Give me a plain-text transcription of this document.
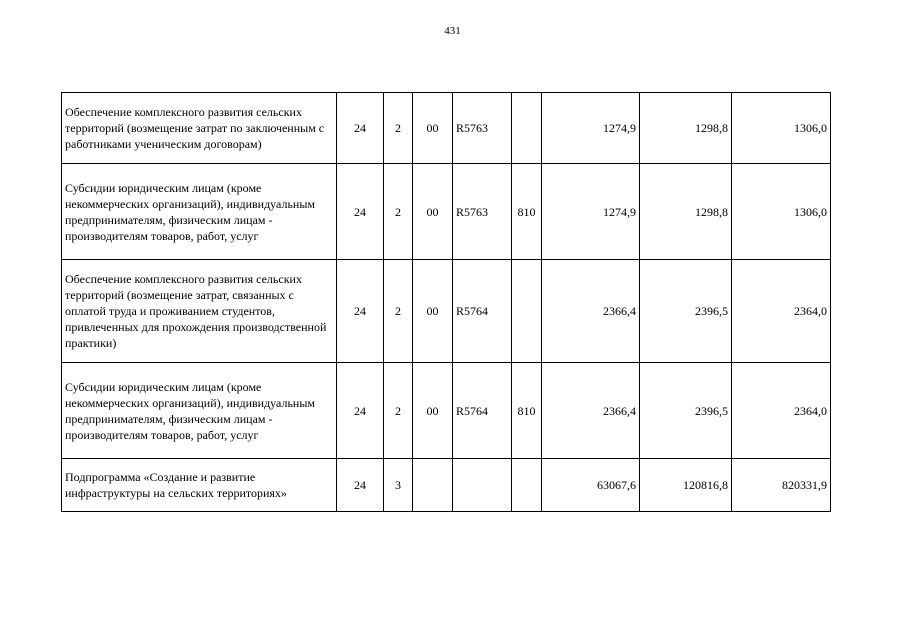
431
Обеспечение комплексного развития сельских территорий (возмещение затрат по заключенным с работниками ученическим договорам)	24	2	00	R5763		1274,9	1298,8	1306,0
Субсидии юридическим лицам (кроме некоммерческих организаций), индивидуальным предпринимателям, физическим лицам - производителям товаров, работ, услуг	24	2	00	R5763	810	1274,9	1298,8	1306,0
Обеспечение комплексного развития сельских территорий (возмещение затрат, связанных с оплатой труда и проживанием студентов, привлеченных для прохождения производственной практики)	24	2	00	R5764		2366,4	2396,5	2364,0
Субсидии юридическим лицам (кроме некоммерческих организаций), индивидуальным предпринимателям, физическим лицам - производителям товаров, работ, услуг	24	2	00	R5764	810	2366,4	2396,5	2364,0
Подпрограмма «Создание и развитие инфраструктуры на сельских территориях»	24	3				63067,6	120816,8	820331,9
